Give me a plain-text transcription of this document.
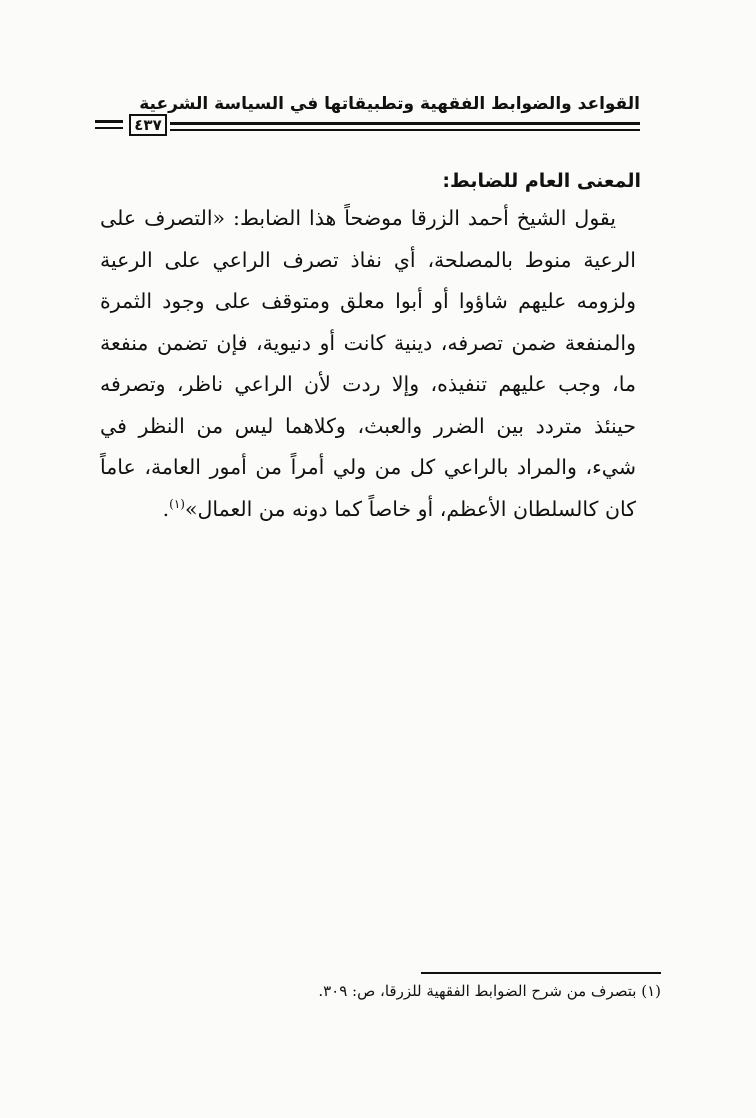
القواعد والضوابط الفقهية وتطبيقاتها في السياسة الشرعية
٤٣٧
المعنى العام للضابط:

يقول الشيخ أحمد الزرقا موضحاً هذا الضابط: «التصرف على الرعية منوط بالمصلحة، أي نفاذ تصرف الراعي على الرعية ولزومه عليهم شاؤوا أو أبوا معلق ومتوقف على وجود الثمرة والمنفعة ضمن تصرفه، دينية كانت أو دنيوية، فإن تضمن منفعة ما، وجب عليهم تنفيذه، وإلا ردت لأن الراعي ناظر، وتصرفه حينئذ متردد بين الضرر والعبث، وكلاهما ليس من النظر في شيء، والمراد بالراعي كل من ولي أمراً من أمور العامة، عاماً كان كالسلطان الأعظم، أو خاصاً كما دونه من العمال»$^{(١)}$.

(١) بتصرف من شرح الضوابط الفقهية للزرقا، ص: ٣٠٩.
